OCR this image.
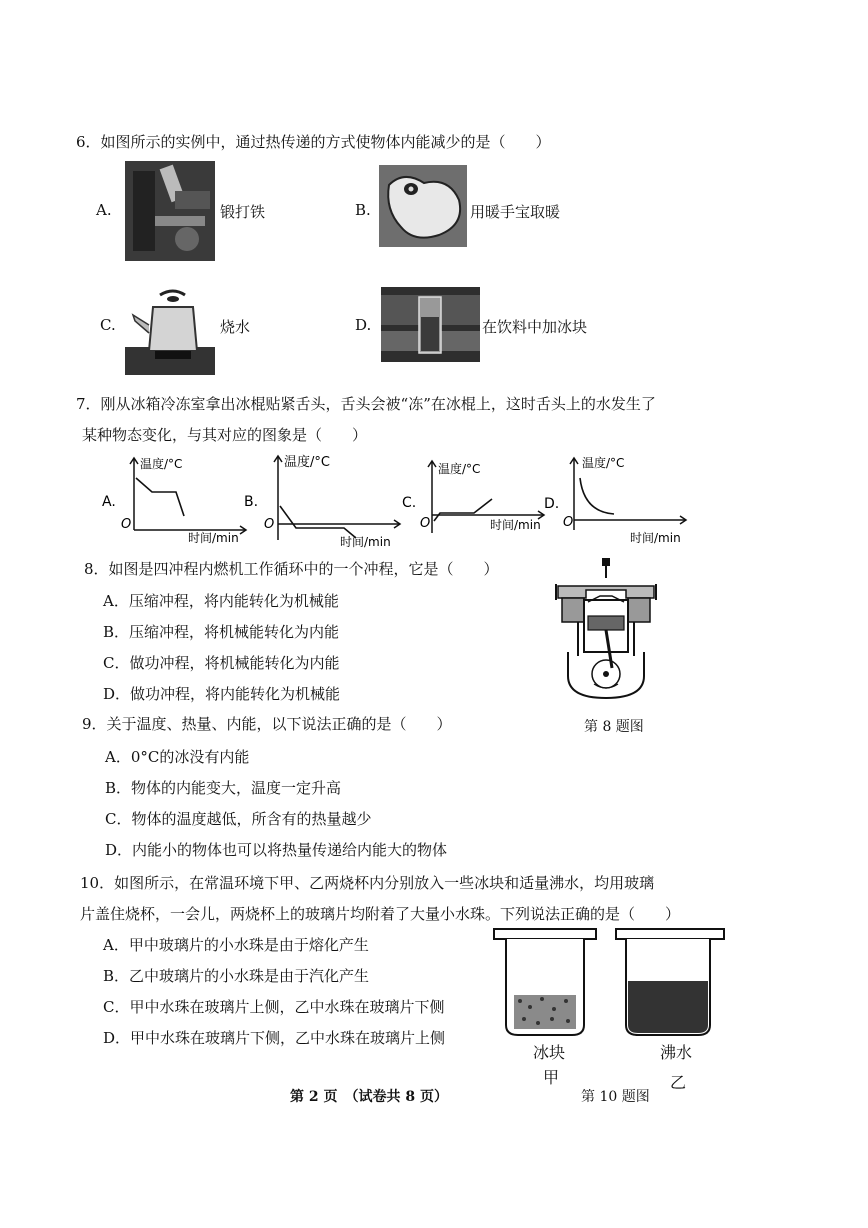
6．如图所示的实例中，通过热传递的方式使物体内能减少的是（　　）
A.	锻打铁	B.	用暖手宝取暖
C.	烧水	D.	在饮料中加冰块
7．刚从冰箱冷冻室拿出冰棍贴紧舌头，舌头会被“冻”在冰棍上，这时舌头上的水发生了
某种物态变化，与其对应的图象是（　　）
A.
温度/°C
O
时间/min
B.
温度/°C
O
时间/min
C.
温度/°C
O	时间/min
D.
温度/°C
O
时间/min
8．如图是四冲程内燃机工作循环中的一个冲程，它是（　　）
A．压缩冲程，将内能转化为机械能
B．压缩冲程，将机械能转化为内能
C．做功冲程，将机械能转化为内能
D．做功冲程，将内能转化为机械能
第 8 题图
9．关于温度、热量、内能，以下说法正确的是（　　）
A．0°C的冰没有内能
B．物体的内能变大，温度一定升高
C．物体的温度越低，所含有的热量越少
D．内能小的物体也可以将热量传递给内能大的物体
10．如图所示，在常温环境下甲、乙两烧杯内分别放入一些冰块和适量沸水，均用玻璃
片盖住烧杯，一会儿，两烧杯上的玻璃片均附着了大量小水珠。下列说法正确的是（　　）
A．甲中玻璃片的小水珠是由于熔化产生
B．乙中玻璃片的小水珠是由于汽化产生
C．甲中水珠在玻璃片上侧，乙中水珠在玻璃片下侧
D．甲中水珠在玻璃片下侧，乙中水珠在玻璃片上侧
冰块
甲
沸水
乙
第 10 题图
第 2 页　（试卷共 8 页）
